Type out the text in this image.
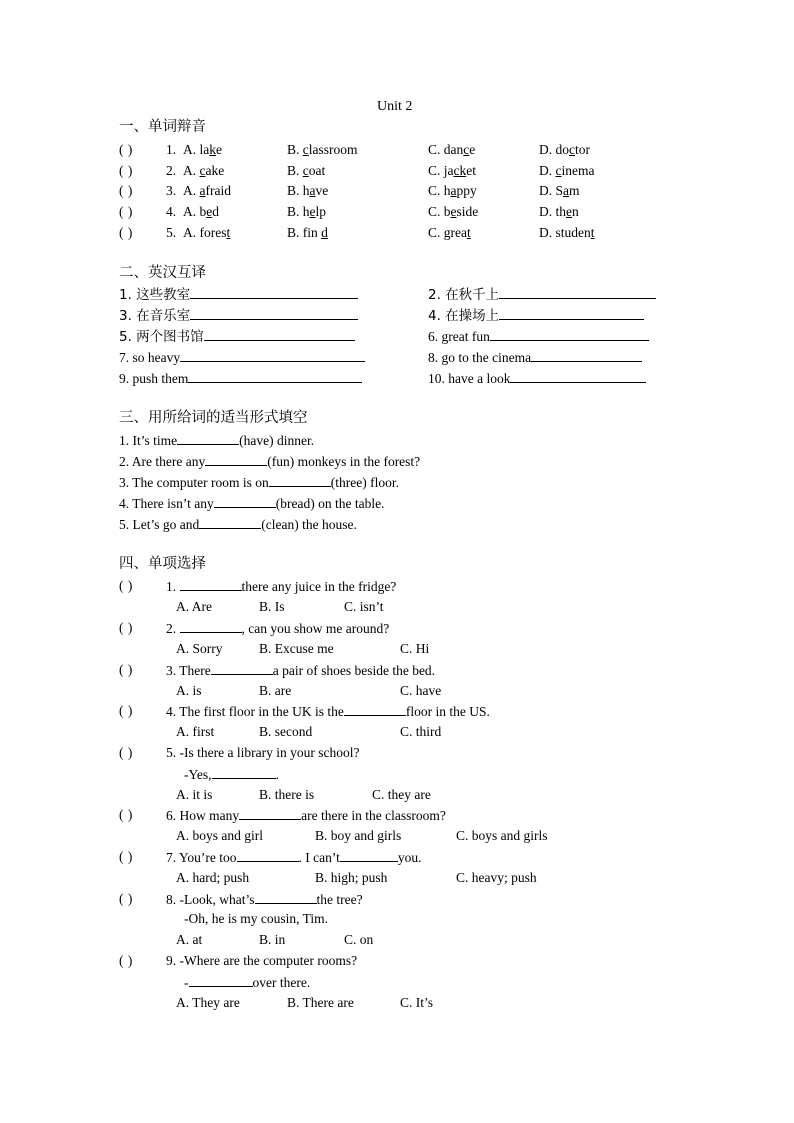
Unit 2
一、单词辩音
( ) 1. A. lake	B. classroom	C. dance	D. doctor
( ) 2. A. cake	B. coat	C. jacket	D. cinema
( ) 3. A. afraid	B. have	C. happy	D. Sam
( ) 4. A. bed	B. help	C. beside	D. then
( ) 5. A. forest	B. fin d	C. great	D. student
二、英汉互译
1. 这些教室	2. 在秋千上
3. 在音乐室	4. 在操场上
5. 两个图书馆	6. great fun
7. so heavy	8. go to the cinema
9. push them	10. have a look
三、用所给词的适当形式填空
1. It’s time	(have) dinner.
2. Are there any	(fun) monkeys in the forest?
3. The computer room is on	(three) floor.
4. There isn’t any	(bread) on the table.
5. Let’s go and	(clean) the house.
四、单项选择
( ) 1.	there any juice in the fridge?
A. Are	B. Is	C. isn’t
( ) 2.	, can you show me around?
A. Sorry	B. Excuse me	C. Hi
( ) 3. There	a pair of shoes beside the bed.
A. is	B. are	C. have
( ) 4. The first floor in the UK is the	floor in the US.
A. first	B. second	C. third
( ) 5. -Is there a library in your school?
-Yes,	.
A. it is	B. there is	C. they are
( ) 6. How many	are there in the classroom?
A. boys and girl	B. boy and girls	C. boys and girls
( ) 7. You’re too	. I can’t	you.
A. hard; push	B. high; push	C. heavy; push
( ) 8. -Look, what’s	the tree?
-Oh, he is my cousin, Tim.
A. at	B. in	C. on
( ) 9. -Where are the computer rooms?
-	over there.
A. They are	B. There are	C. It’s
